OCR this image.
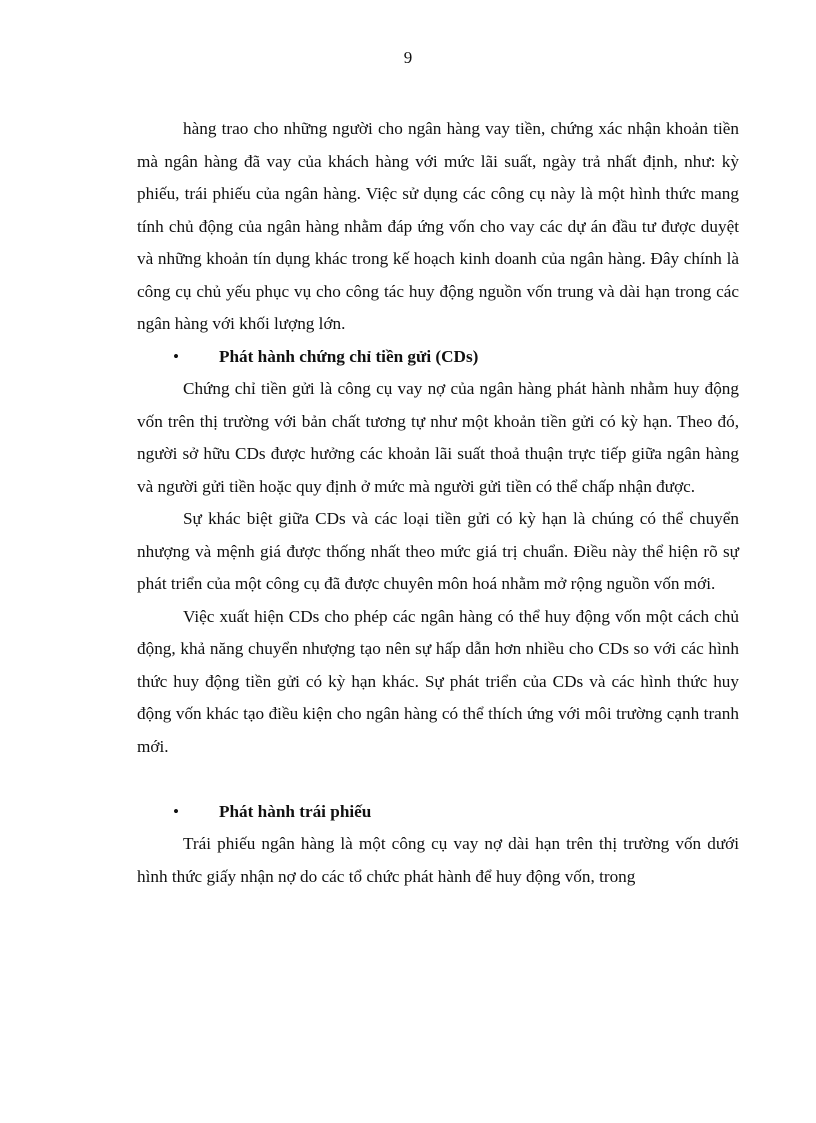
9

hàng trao cho những người cho ngân hàng vay tiền, chứng xác nhận khoản tiền mà ngân hàng đã vay của khách hàng với mức lãi suất, ngày trả nhất định, như: kỳ phiếu, trái phiếu của ngân hàng. Việc sử dụng các công cụ này là một hình thức mang tính chủ động của ngân hàng nhằm đáp ứng vốn cho vay các dự án đầu tư được duyệt và những khoản tín dụng khác trong kế hoạch kinh doanh của ngân hàng. Đây chính là công cụ chủ yếu phục vụ cho công tác huy động nguồn vốn trung và dài hạn trong các ngân hàng với khối lượng lớn.

• Phát hành chứng chỉ tiền gửi (CDs)

Chứng chỉ tiền gửi là công cụ vay nợ của ngân hàng phát hành nhằm huy động vốn trên thị trường với bản chất tương tự như một khoản tiền gửi có kỳ hạn. Theo đó, người sở hữu CDs được hưởng các khoản lãi suất thoả thuận trực tiếp giữa ngân hàng và người gửi tiền hoặc quy định ở mức mà người gửi tiền có thể chấp nhận được.

Sự khác biệt giữa CDs và các loại tiền gửi có kỳ hạn là chúng có thể chuyển nhượng và mệnh giá được thống nhất theo mức giá trị chuẩn. Điều này thể hiện rõ sự phát triển của một công cụ đã được chuyên môn hoá nhằm mở rộng nguồn vốn mới.

Việc xuất hiện CDs cho phép các ngân hàng có thể huy động vốn một cách chủ động, khả năng chuyển nhượng tạo nên sự hấp dẫn hơn nhiều cho CDs so với các hình thức huy động tiền gửi có kỳ hạn khác. Sự phát triển của CDs và các hình thức huy động vốn khác tạo điều kiện cho ngân hàng có thể thích ứng với môi trường cạnh tranh mới.

• Phát hành trái phiếu

Trái phiếu ngân hàng là một công cụ vay nợ dài hạn trên thị trường vốn dưới hình thức giấy nhận nợ do các tổ chức phát hành để huy động vốn, trong
